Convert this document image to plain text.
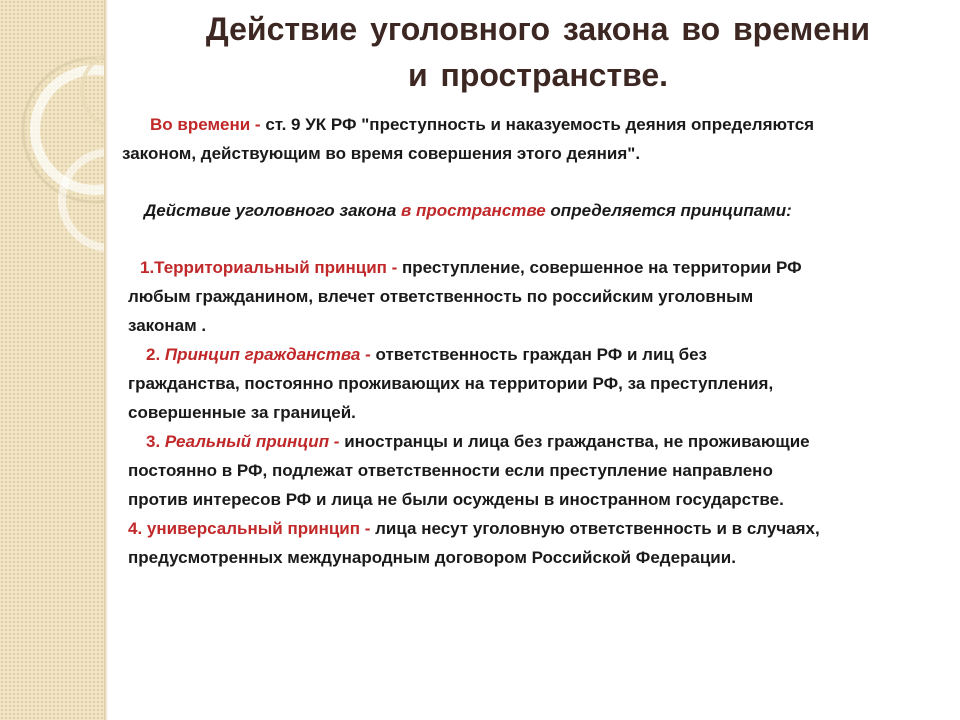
Действие уголовного закона во времени
и пространстве.

Во времени - ст. 9 УК РФ "преступность и наказуемость деяния определяются

законом, действующим во время совершения этого деяния".

Действие уголовного закона в пространстве определяется принципами:

1.Территориальный принцип - преступление, совершенное на территории РФ

любым гражданином, влечет ответственность по российским уголовным

законам .

2. Принцип гражданства - ответственность граждан РФ и лиц без

гражданства, постоянно проживающих на территории РФ, за преступления,

совершенные за границей.

3. Реальный принцип - иностранцы и лица без гражданства, не проживающие

постоянно в РФ, подлежат ответственности если преступление направлено

против интересов РФ и лица не были осуждены в иностранном государстве.

4. универсальный принцип - лица несут уголовную ответственность и в случаях,

предусмотренных международным договором Российской Федерации.
